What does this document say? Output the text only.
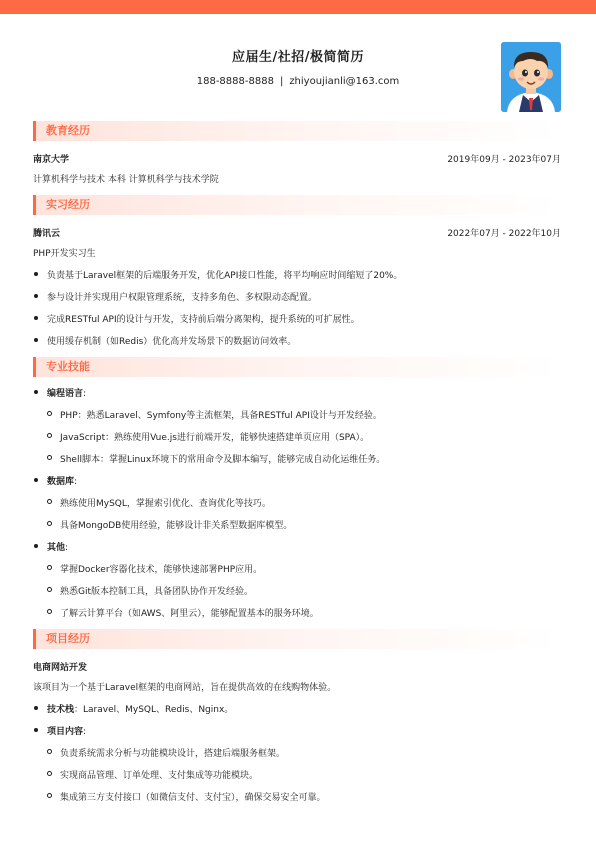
应届生/社招/极简简历
188-8888-8888 | zhiyoujianli@163.com
教育经历
南京大学	2019年09月 - 2023年07月
计算机科学与技术 本科 计算机科学与技术学院
实习经历
腾讯云	2022年07月 - 2022年10月
PHP开发实习生
负责基于Laravel框架的后端服务开发，优化API接口性能，将平均响应时间缩短了20%。
参与设计并实现用户权限管理系统，支持多角色、多权限动态配置。
完成RESTful API的设计与开发，支持前后端分离架构，提升系统的可扩展性。
使用缓存机制（如Redis）优化高并发场景下的数据访问效率。
专业技能
编程语言:
PHP：熟悉Laravel、Symfony等主流框架，具备RESTful API设计与开发经验。
JavaScript：熟练使用Vue.js进行前端开发，能够快速搭建单页应用（SPA）。
Shell脚本：掌握Linux环境下的常用命令及脚本编写，能够完成自动化运维任务。
数据库:
熟练使用MySQL，掌握索引优化、查询优化等技巧。
具备MongoDB使用经验，能够设计非关系型数据库模型。
其他:
掌握Docker容器化技术，能够快速部署PHP应用。
熟悉Git版本控制工具，具备团队协作开发经验。
了解云计算平台（如AWS、阿里云），能够配置基本的服务环境。
项目经历
电商网站开发
该项目为一个基于Laravel框架的电商网站，旨在提供高效的在线购物体验。
技术栈：Laravel、MySQL、Redis、Nginx。
项目内容:
负责系统需求分析与功能模块设计，搭建后端服务框架。
实现商品管理、订单处理、支付集成等功能模块。
集成第三方支付接口（如微信支付、支付宝），确保交易安全可靠。
